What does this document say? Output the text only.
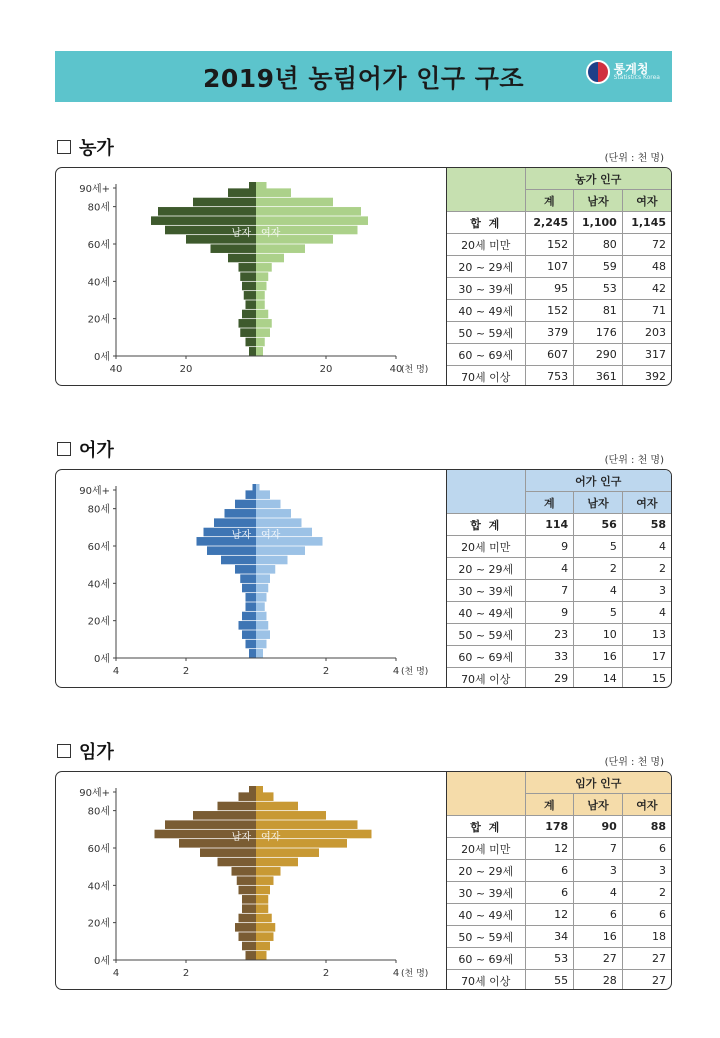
2019년 농림어가 인구 구조	통계청
Statistics Korea
농가	(단위 : 천 명)
0세
20세
40세
60세
80세
90세+
40	20	20	40
(천 명)
남자 여자
	농가 인구		
	계	남자	여자
합 계	2,245	1,100	1,145
20세 미만	152	80	72
20 ~ 29세	107	59	48
30 ~ 39세	95	53	42
40 ~ 49세	152	81	71
50 ~ 59세	379	176	203
60 ~ 69세	607	290	317
70세 이상	753	361	392
어가	(단위 : 천 명)
0세
20세
40세
60세
80세
90세+
4	2	2	4 (천 명)
남자 여자
	어가 인구		
	계	남자	여자
합 계	114	56	58
20세 미만	9	5	4
20 ~ 29세	4	2	2
30 ~ 39세	7	4	3
40 ~ 49세	9	5	4
50 ~ 59세	23	10	13
60 ~ 69세	33	16	17
70세 이상	29	14	15
임가	(단위 : 천 명)
0세
20세
40세
60세
80세
90세+
4	2	2	4 (천 명)
남자 여자
	임가 인구		
	계	남자	여자
합 계	178	90	88
20세 미만	12	7	6
20 ~ 29세	6	3	3
30 ~ 39세	6	4	2
40 ~ 49세	12	6	6
50 ~ 59세	34	16	18
60 ~ 69세	53	27	27
70세 이상	55	28	27
